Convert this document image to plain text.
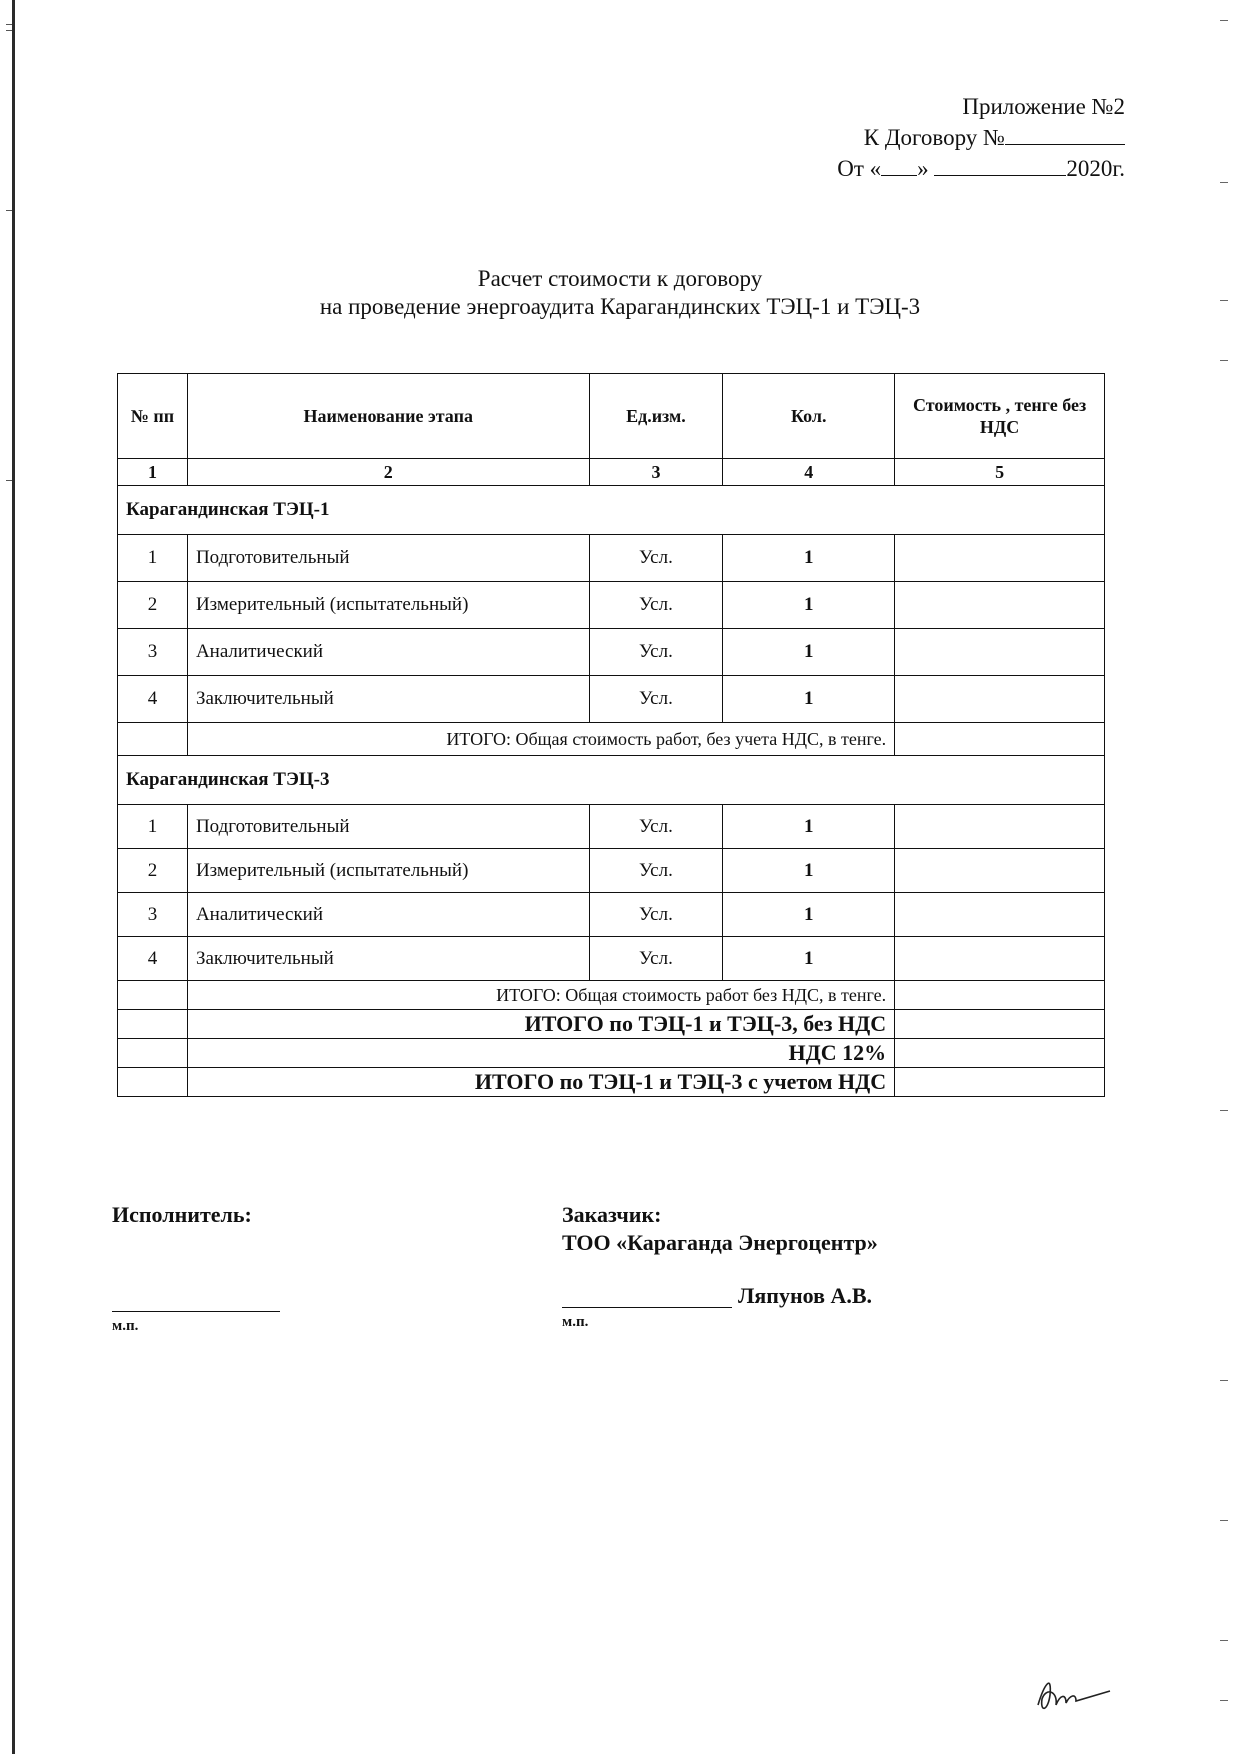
Приложение №2
К Договору №
От « »	2020г.
Расчет стоимости к договору
на проведение энергоаудита Карагандинских ТЭЦ-1 и ТЭЦ-3
№ пп	Наименование этапа	Ед.изм.	Кол.	Стоимость , тенге без НДС
1	2	3	4	5
Карагандинская ТЭЦ-1				
1	Подготовительный	Усл.	1	
2	Измерительный (испытательный)	Усл.	1	
3	Аналитический	Усл.	1	
4	Заключительный	Усл.	1	
	ИТОГО: Общая стоимость работ, без учета НДС, в тенге.			
Карагандинская ТЭЦ-3				
1	Подготовительный	Усл.	1	
2	Измерительный (испытательный)	Усл.	1	
3	Аналитический	Усл.	1	
4	Заключительный	Усл.	1	
	ИТОГО: Общая стоимость работ без НДС, в тенге.			
	ИТОГО по ТЭЦ-1 и ТЭЦ-3, без НДС			
	НДС 12%			
	ИТОГО по ТЭЦ-1 и ТЭЦ-3 с учетом НДС			
Исполнитель:
м.п.
Заказчик:
ТОО «Караганда Энергоцентр»
Ляпунов А.В.
м.п.
